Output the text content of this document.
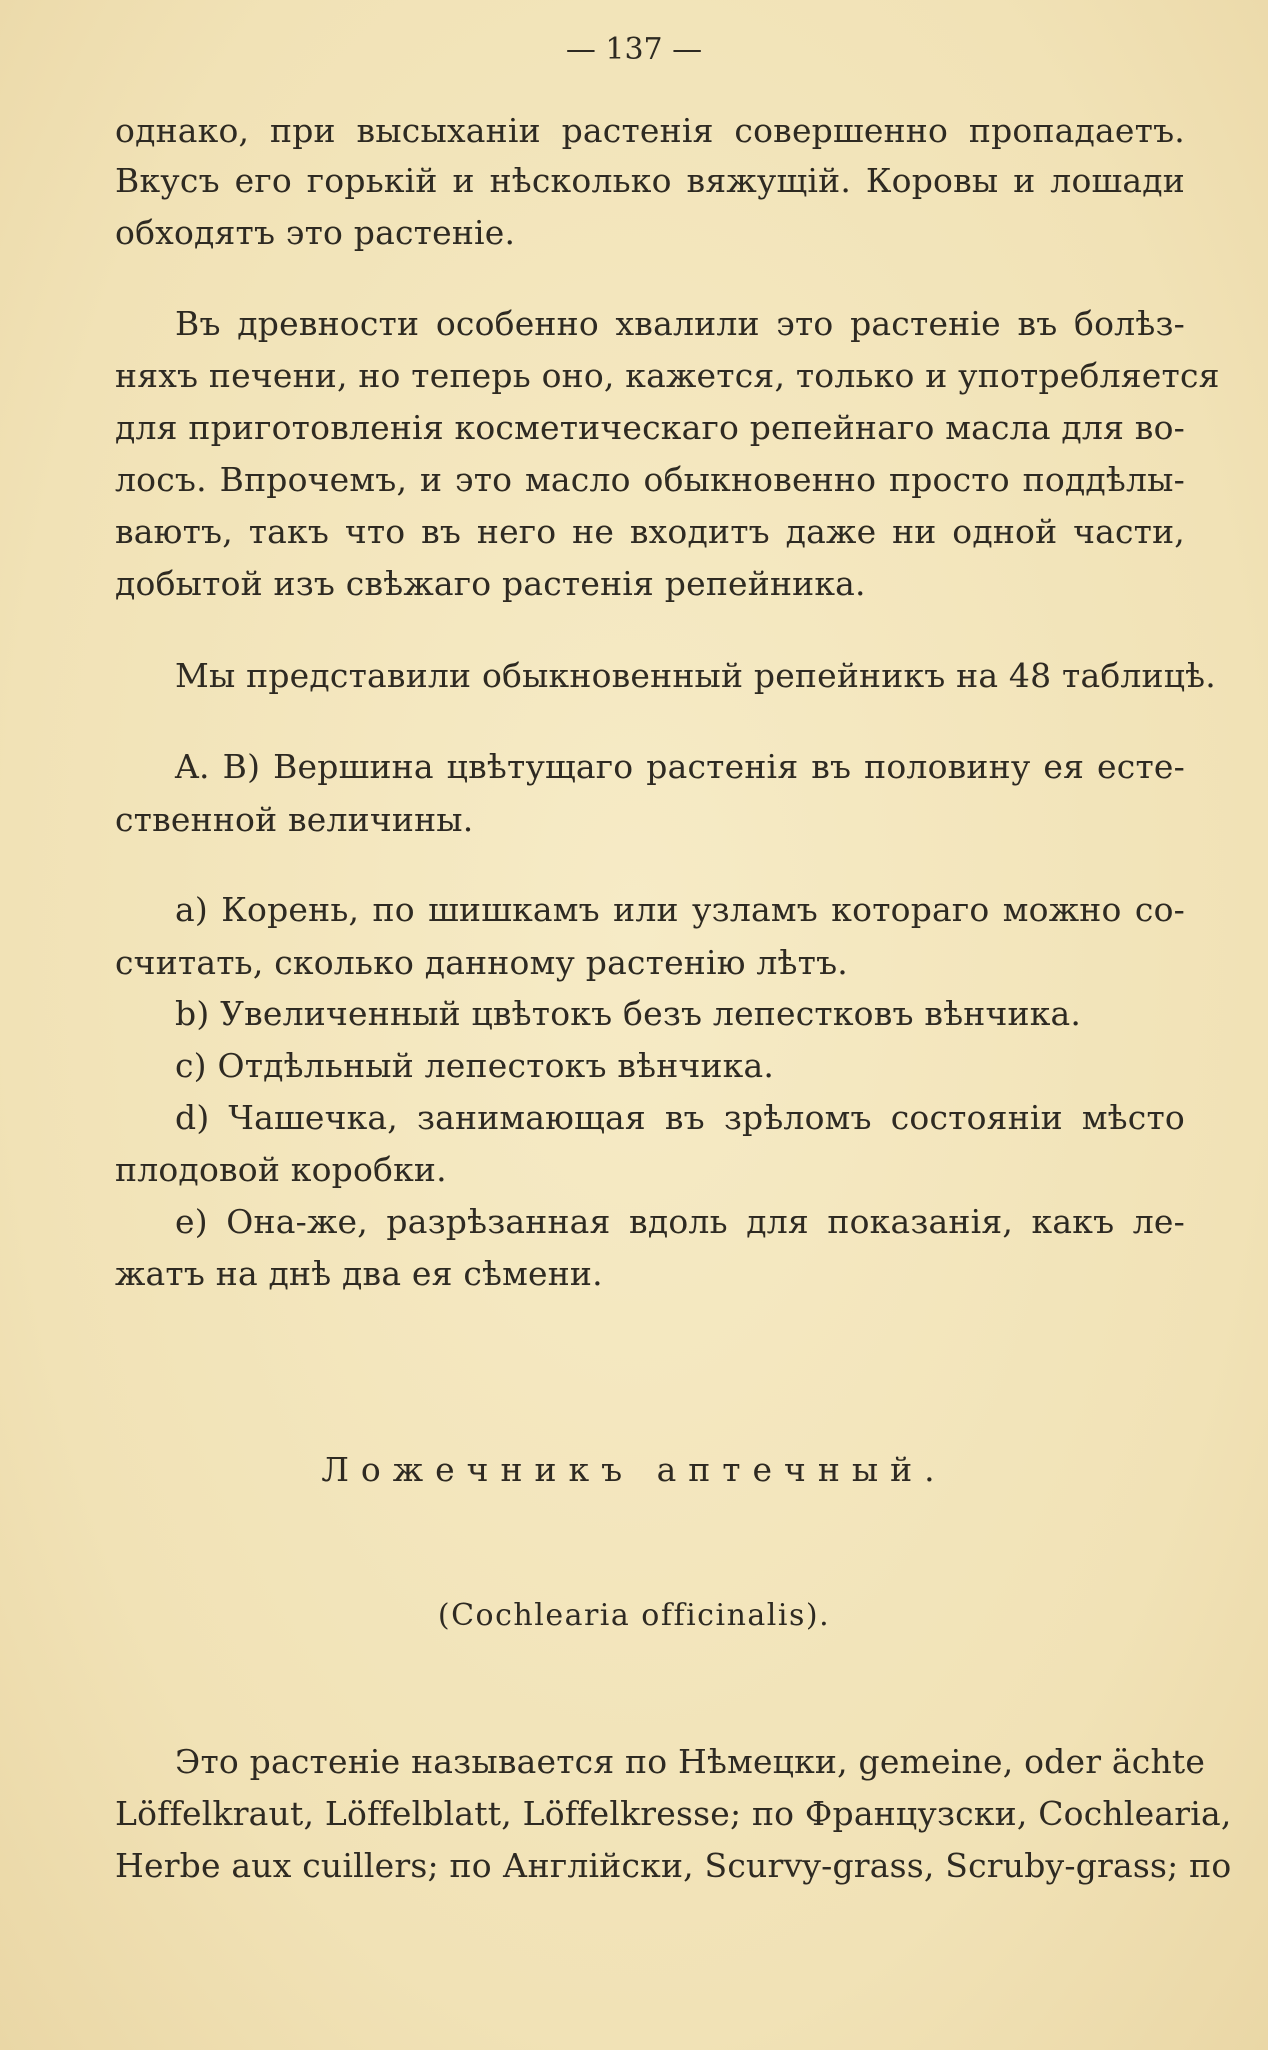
— 137 —
однако, при высыханіи растенія совершенно пропадаетъ.
Вкусъ его горькій и нѣсколько вяжущій. Коровы и лошади
обходятъ это растеніе.
Въ древности особенно хвалили это растеніе въ болѣз-
няхъ печени, но теперь оно, кажется, только и употребляется
для приготовленія косметическаго репейнаго масла для во-
лосъ. Впрочемъ, и это масло обыкновенно просто поддѣлы-
ваютъ, такъ что въ него не входитъ даже ни одной части,
добытой изъ свѣжаго растенія репейника.
Мы представили обыкновенный репейникъ на 48 таблицѣ.
A. B) Вершина цвѣтущаго растенія въ половину ея есте-
ственной величины.
a) Корень, по шишкамъ или узламъ котораго можно со-
считать, сколько данному растенію лѣтъ.
b) Увеличенный цвѣтокъ безъ лепестковъ вѣнчика.
c) Отдѣльный лепестокъ вѣнчика.
d) Чашечка, занимающая въ зрѣломъ состояніи мѣсто
плодовой коробки.
e) Она-же, разрѣзанная вдоль для показанія, какъ ле-
жатъ на днѣ два ея сѣмени.
Ложечникъ аптечный.
(Cochlearia officinalis).
Это растеніе называется по Нѣмецки, gemeine, oder ächte
Löffelkraut, Löffelblatt, Löffelkresse; по Французски, Cochlearia,
Herbe aux cuillers; по Англійски, Scurvy-grass, Scruby-grass; по
